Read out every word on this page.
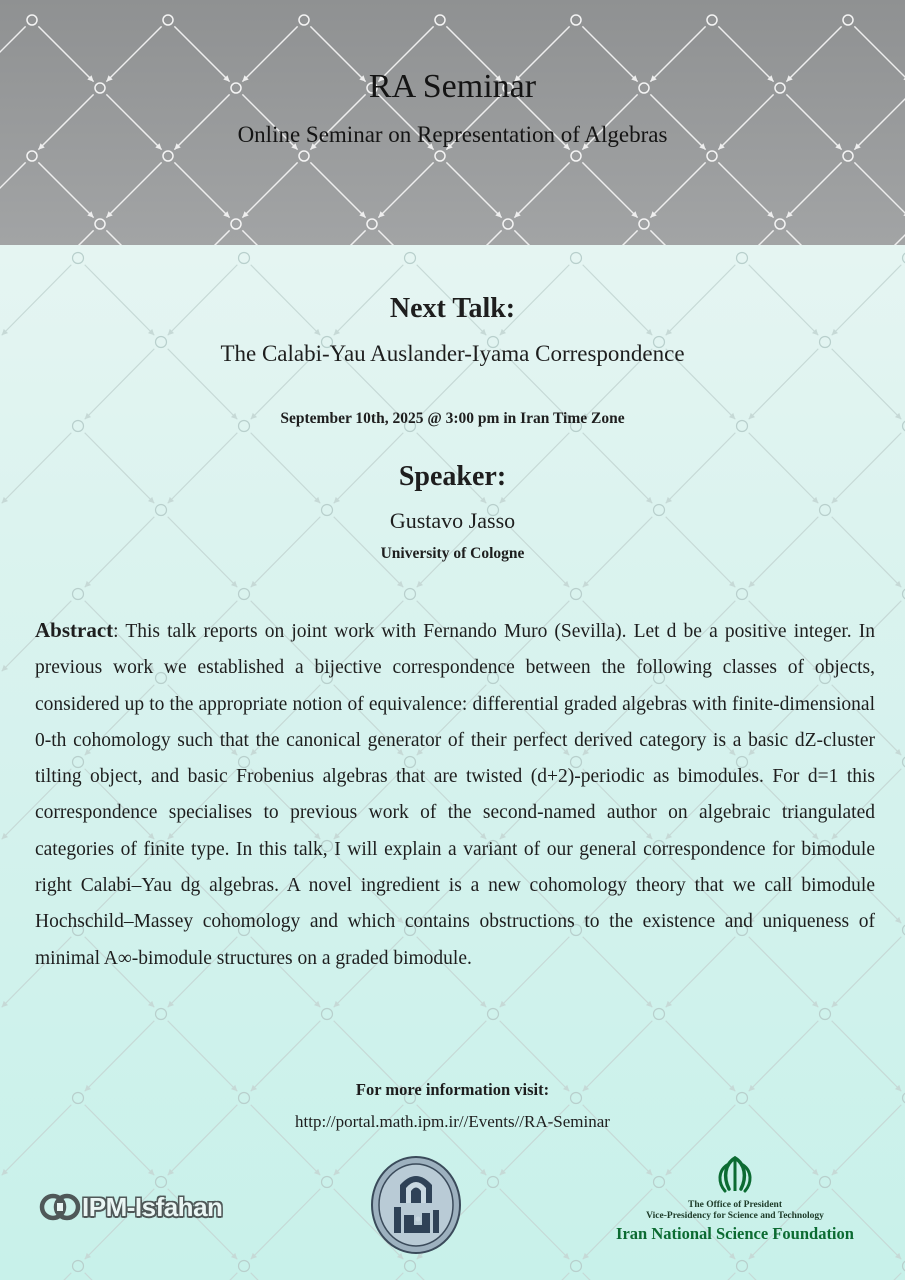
RA Seminar
Online Seminar on Representation of Algebras
Next Talk:
The Calabi-Yau Auslander-Iyama Correspondence
September 10th, 2025 @ 3:00 pm in Iran Time Zone
Speaker:
Gustavo Jasso
University of Cologne
Abstract: This talk reports on joint work with Fernando Muro (Sevilla). Let d be a positive integer. In previous work we established a bijective correspondence between the following classes of objects, considered up to the appropriate notion of equivalence: differential graded algebras with finite-dimensional 0-th cohomology such that the canonical generator of their perfect derived category is a basic dZ-cluster tilting object, and basic Frobenius algebras that are twisted (d+2)-periodic as bimodules. For d=1 this correspondence specialises to previous work of the second-named author on algebraic triangulated categories of finite type. In this talk, I will explain a variant of our general correspondence for bimodule right Calabi–Yau dg algebras. A novel ingredient is a new cohomology theory that we call bimodule Hochschild–Massey cohomology and which contains obstructions to the existence and uniqueness of minimal A∞-bimodule structures on a graded bimodule.
For more information visit:
http://portal.math.ipm.ir//Events//RA-Seminar
IPM-Isfahan	The Office of President
Vice-Presidency for Science and Technology
Iran National Science Foundation
